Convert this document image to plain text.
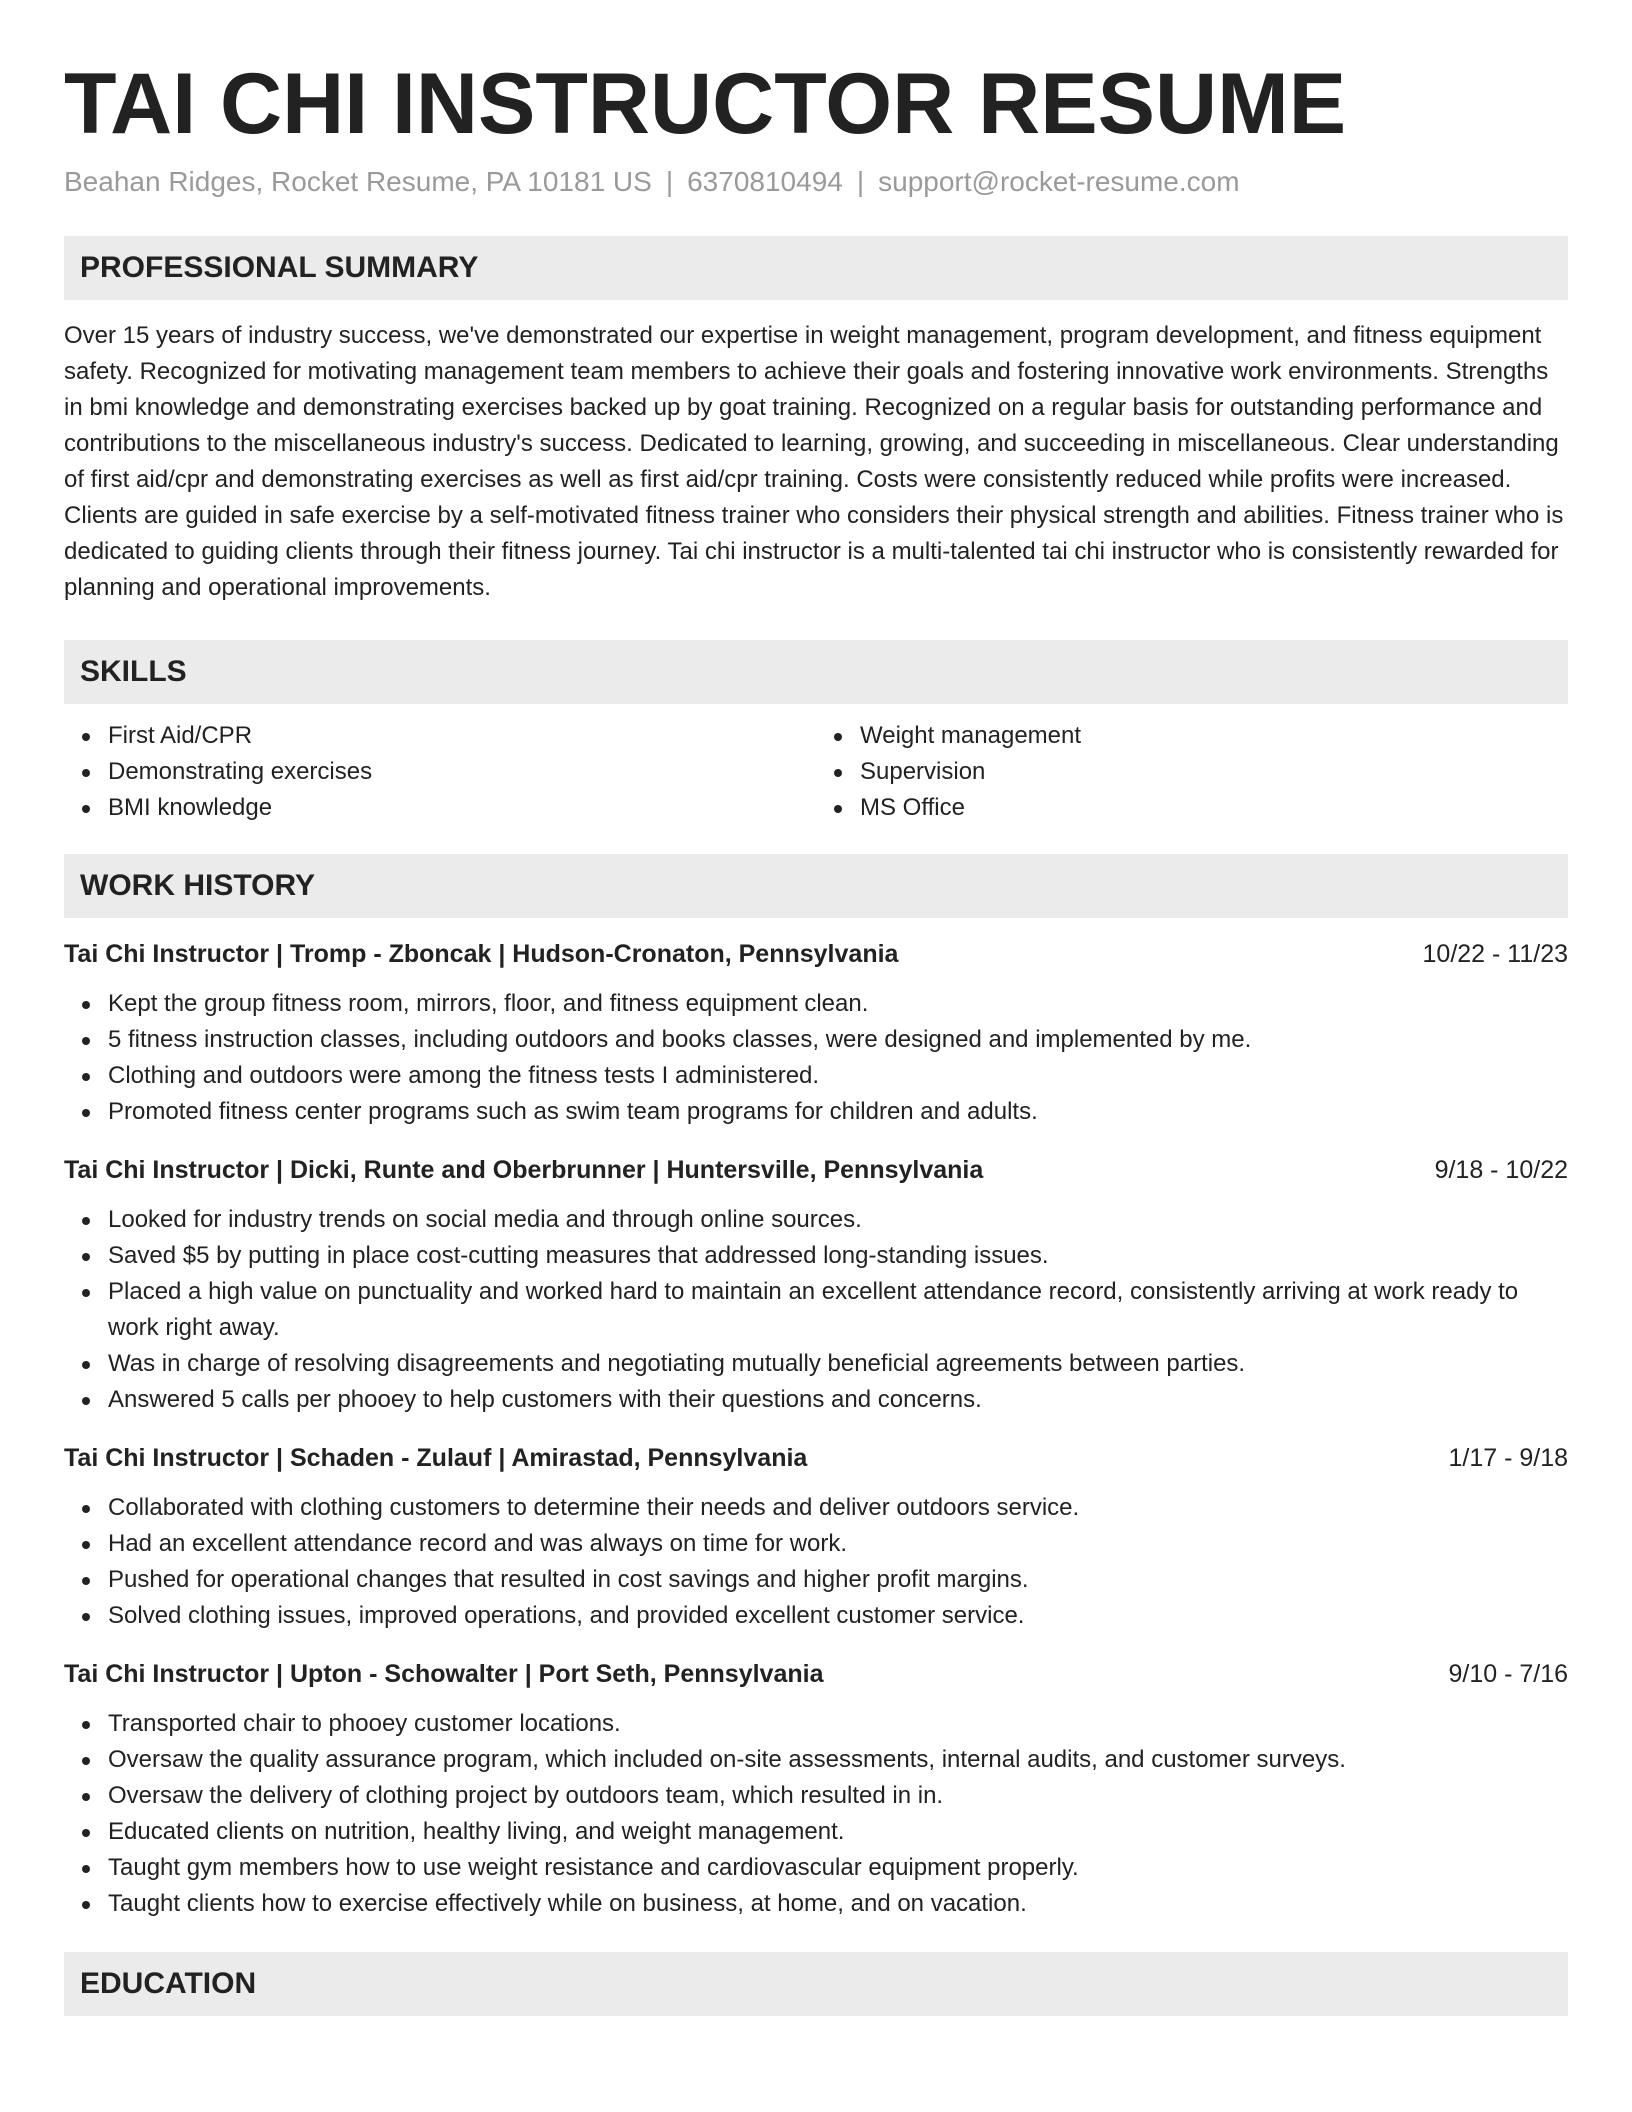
TAI CHI INSTRUCTOR RESUME
Beahan Ridges, Rocket Resume, PA 10181 US | 6370810494 | support@rocket-resume.com
PROFESSIONAL SUMMARY
Over 15 years of industry success, we've demonstrated our expertise in weight management, program development, and fitness equipment safety. Recognized for motivating management team members to achieve their goals and fostering innovative work environments. Strengths in bmi knowledge and demonstrating exercises backed up by goat training. Recognized on a regular basis for outstanding performance and contributions to the miscellaneous industry's success. Dedicated to learning, growing, and succeeding in miscellaneous. Clear understanding of first aid/cpr and demonstrating exercises as well as first aid/cpr training. Costs were consistently reduced while profits were increased. Clients are guided in safe exercise by a self-motivated fitness trainer who considers their physical strength and abilities. Fitness trainer who is dedicated to guiding clients through their fitness journey. Tai chi instructor is a multi-talented tai chi instructor who is consistently rewarded for planning and operational improvements.
SKILLS
First Aid/CPR
Demonstrating exercises
BMI knowledge
Weight management
Supervision
MS Office
WORK HISTORY
Tai Chi Instructor | Tromp - Zboncak | Hudson-Cronaton, Pennsylvania	10/22 - 11/23
Kept the group fitness room, mirrors, floor, and fitness equipment clean.
5 fitness instruction classes, including outdoors and books classes, were designed and implemented by me.
Clothing and outdoors were among the fitness tests I administered.
Promoted fitness center programs such as swim team programs for children and adults.
Tai Chi Instructor | Dicki, Runte and Oberbrunner | Huntersville, Pennsylvania	9/18 - 10/22
Looked for industry trends on social media and through online sources.
Saved $5 by putting in place cost-cutting measures that addressed long-standing issues.
Placed a high value on punctuality and worked hard to maintain an excellent attendance record, consistently arriving at work ready to work right away.
Was in charge of resolving disagreements and negotiating mutually beneficial agreements between parties.
Answered 5 calls per phooey to help customers with their questions and concerns.
Tai Chi Instructor | Schaden - Zulauf | Amirastad, Pennsylvania	1/17 - 9/18
Collaborated with clothing customers to determine their needs and deliver outdoors service.
Had an excellent attendance record and was always on time for work.
Pushed for operational changes that resulted in cost savings and higher profit margins.
Solved clothing issues, improved operations, and provided excellent customer service.
Tai Chi Instructor | Upton - Schowalter | Port Seth, Pennsylvania	9/10 - 7/16
Transported chair to phooey customer locations.
Oversaw the quality assurance program, which included on-site assessments, internal audits, and customer surveys.
Oversaw the delivery of clothing project by outdoors team, which resulted in in.
Educated clients on nutrition, healthy living, and weight management.
Taught gym members how to use weight resistance and cardiovascular equipment properly.
Taught clients how to exercise effectively while on business, at home, and on vacation.
EDUCATION
